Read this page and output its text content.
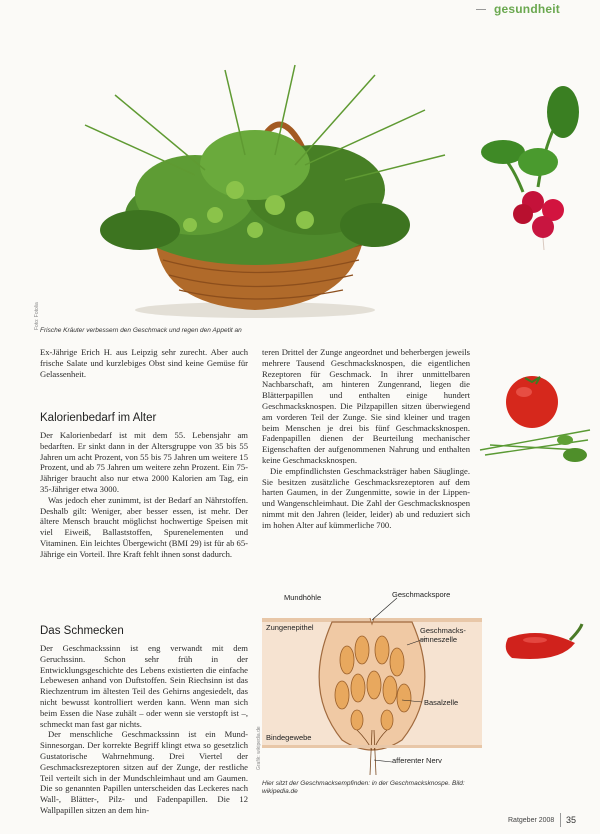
gesundheit
Foto: Fotolia
Frische Kräuter verbessern den Geschmack und regen den Appetit an

Ex-Jährige Erich H. aus Leipzig sehr zurecht. Aber auch frische Salate und kurzlebiges Obst sind keine Gemüse für Gelassenheit.

Kalorienbedarf im Alter

Der Kalorienbedarf ist mit dem 55. Lebensjahr am bedarften. Er sinkt dann in der Altersgruppe von 35 bis 55 Jahren um acht Prozent, von 55 bis 75 Jahren um weitere 15 Prozent, und ab 75 Jahren um weitere zehn Prozent. Ein 75-Jähriger braucht also nur etwa 2000 Kalorien am Tag, ein 35-Jähriger etwa 3000.

Was jedoch eher zunimmt, ist der Bedarf an Nährstoffen. Deshalb gilt: Weniger, aber besser essen, ist mehr. Der ältere Mensch braucht möglichst hochwertige Speisen mit viel Eiweiß, Ballaststoffen, Spurenelementen und Vitaminen. Ein leichtes Übergewicht (BMI 29) ist für ab 65-Jährige ein Vorteil. Ihre Kraft fehlt ihnen sonst dadurch.

Das Schmecken

Der Geschmackssinn ist eng verwandt mit dem Geruchssinn. Schon sehr früh in der Entwicklungsgeschichte des Lebens existierten die einfache Lebewesen anhand von Duftstoffen. Sein Riechsinn ist das Riechzentrum im ältesten Teil des Gehirns angesiedelt, das nicht bewusst kontrolliert werden kann. Wenn man sich beim Essen die Nase zuhält – oder wenn sie verstopft ist –, schmeckt man fast gar nichts.

Der menschliche Geschmackssinn ist ein Mund-Sinnesorgan. Der korrekte Begriff klingt etwa so gesetzlich Gustatorische Wahrnehmung. Drei Viertel der Geschmacksrezeptoren sitzen auf der Zunge, der restliche Teil verteilt sich in der Mundschleimhaut und am Gaumen. Die so genannten Papillen unterscheiden das Leckeres nach Wall-, Blätter-, Pilz- und Fadenpapillen. Die 12 Wallpapillen sitzen an dem hin-

teren Drittel der Zunge angeordnet und beherbergen jeweils mehrere Tausend Geschmacksknospen, die eigentlichen Rezeptoren für Geschmack. In ihrer unmittelbaren Nachbarschaft, am hinteren Zungenrand, liegen die Blätterpapillen und enthalten einige hundert Geschmacksknospen. Die Pilzpapillen sitzen überwiegend am vorderen Teil der Zunge. Sie sind kleiner und tragen beim Menschen je drei bis fünf Geschmacksknospen. Fadenpapillen dienen der Beurteilung mechanischer Eigenschaften der aufgenommenen Nahrung und enthalten keine Geschmacksknospen.

Die empfindlichsten Geschmacksträger haben Säuglinge. Sie besitzen zusätzliche Geschmacksrezeptoren auf dem harten Gaumen, in der Zungenmitte, sowie in der Lippen- und Wangenschleimhaut. Die Zahl der Geschmacksknospen nimmt mit den Jahren (leider, leider) ab und reduziert sich im hohen Alter auf kümmerliche 700.

Mundhöhle	Geschmackspore
Zungenepithel	Geschmacks-
sinneszelle
Basalzelle
Bindegewebe
afferenter Nerv
Grafik: wikipedia.de
Hier sitzt der Geschmacksempfinden: in der Geschmacksknospe. Bild: wikipedia.de
Ratgeber 2008 35
